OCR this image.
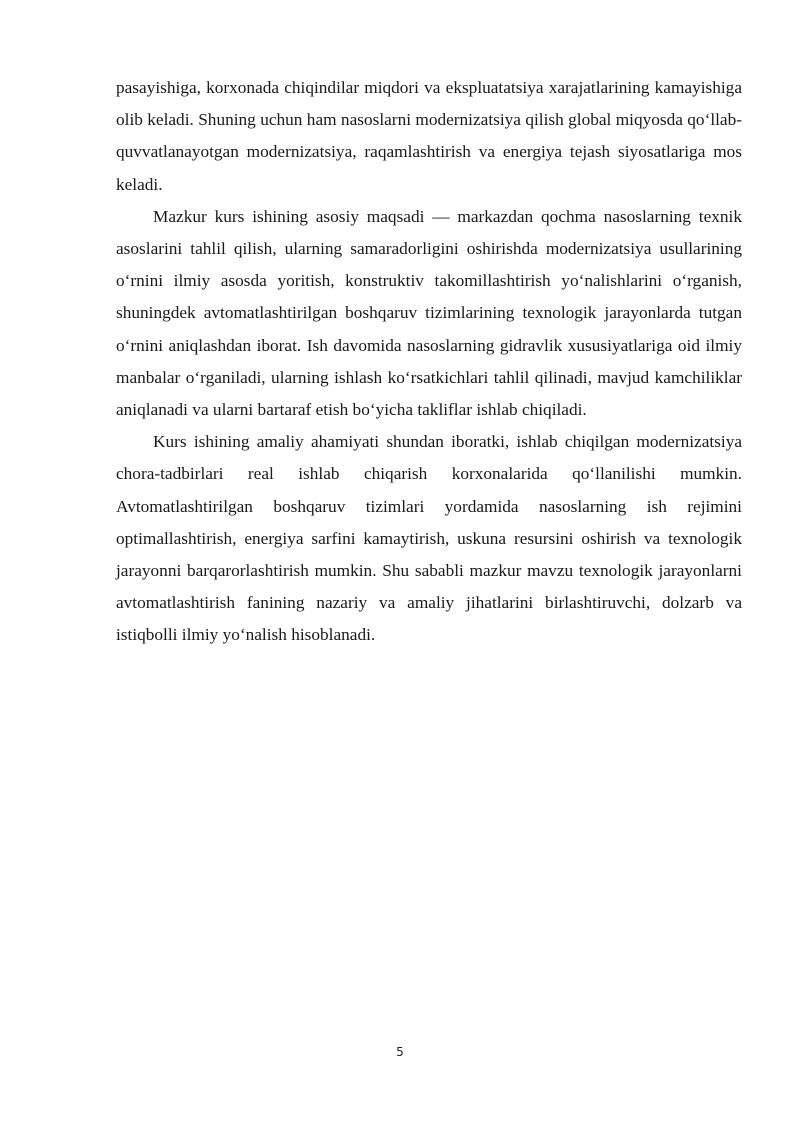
pasayishiga, korxonada chiqindilar miqdori va ekspluatatsiya xarajatlarining kamayishiga olib keladi. Shuning uchun ham nasoslarni modernizatsiya qilish global miqyosda qo‘llab-quvvatlanayotgan modernizatsiya, raqamlashtirish va energiya tejash siyosatlariga mos keladi.

Mazkur kurs ishining asosiy maqsadi — markazdan qochma nasoslarning texnik asoslarini tahlil qilish, ularning samaradorligini oshirishda modernizatsiya usullarining o‘rnini ilmiy asosda yoritish, konstruktiv takomillashtirish yo‘nalishlarini o‘rganish, shuningdek avtomatlashtirilgan boshqaruv tizimlarining texnologik jarayonlarda tutgan o‘rnini aniqlashdan iborat. Ish davomida nasoslarning gidravlik xususiyatlariga oid ilmiy manbalar o‘rganiladi, ularning ishlash ko‘rsatkichlari tahlil qilinadi, mavjud kamchiliklar aniqlanadi va ularni bartaraf etish bo‘yicha takliflar ishlab chiqiladi.

Kurs ishining amaliy ahamiyati shundan iboratki, ishlab chiqilgan modernizatsiya chora-tadbirlari real ishlab chiqarish korxonalarida qo‘llanilishi mumkin. Avtomatlashtirilgan boshqaruv tizimlari yordamida nasoslarning ish rejimini optimallashtirish, energiya sarfini kamaytirish, uskuna resursini oshirish va texnologik jarayonni barqarorlashtirish mumkin. Shu sababli mazkur mavzu texnologik jarayonlarni avtomatlashtirish fanining nazariy va amaliy jihatlarini birlashtiruvchi, dolzarb va istiqbolli ilmiy yo‘nalish hisoblanadi.

5
